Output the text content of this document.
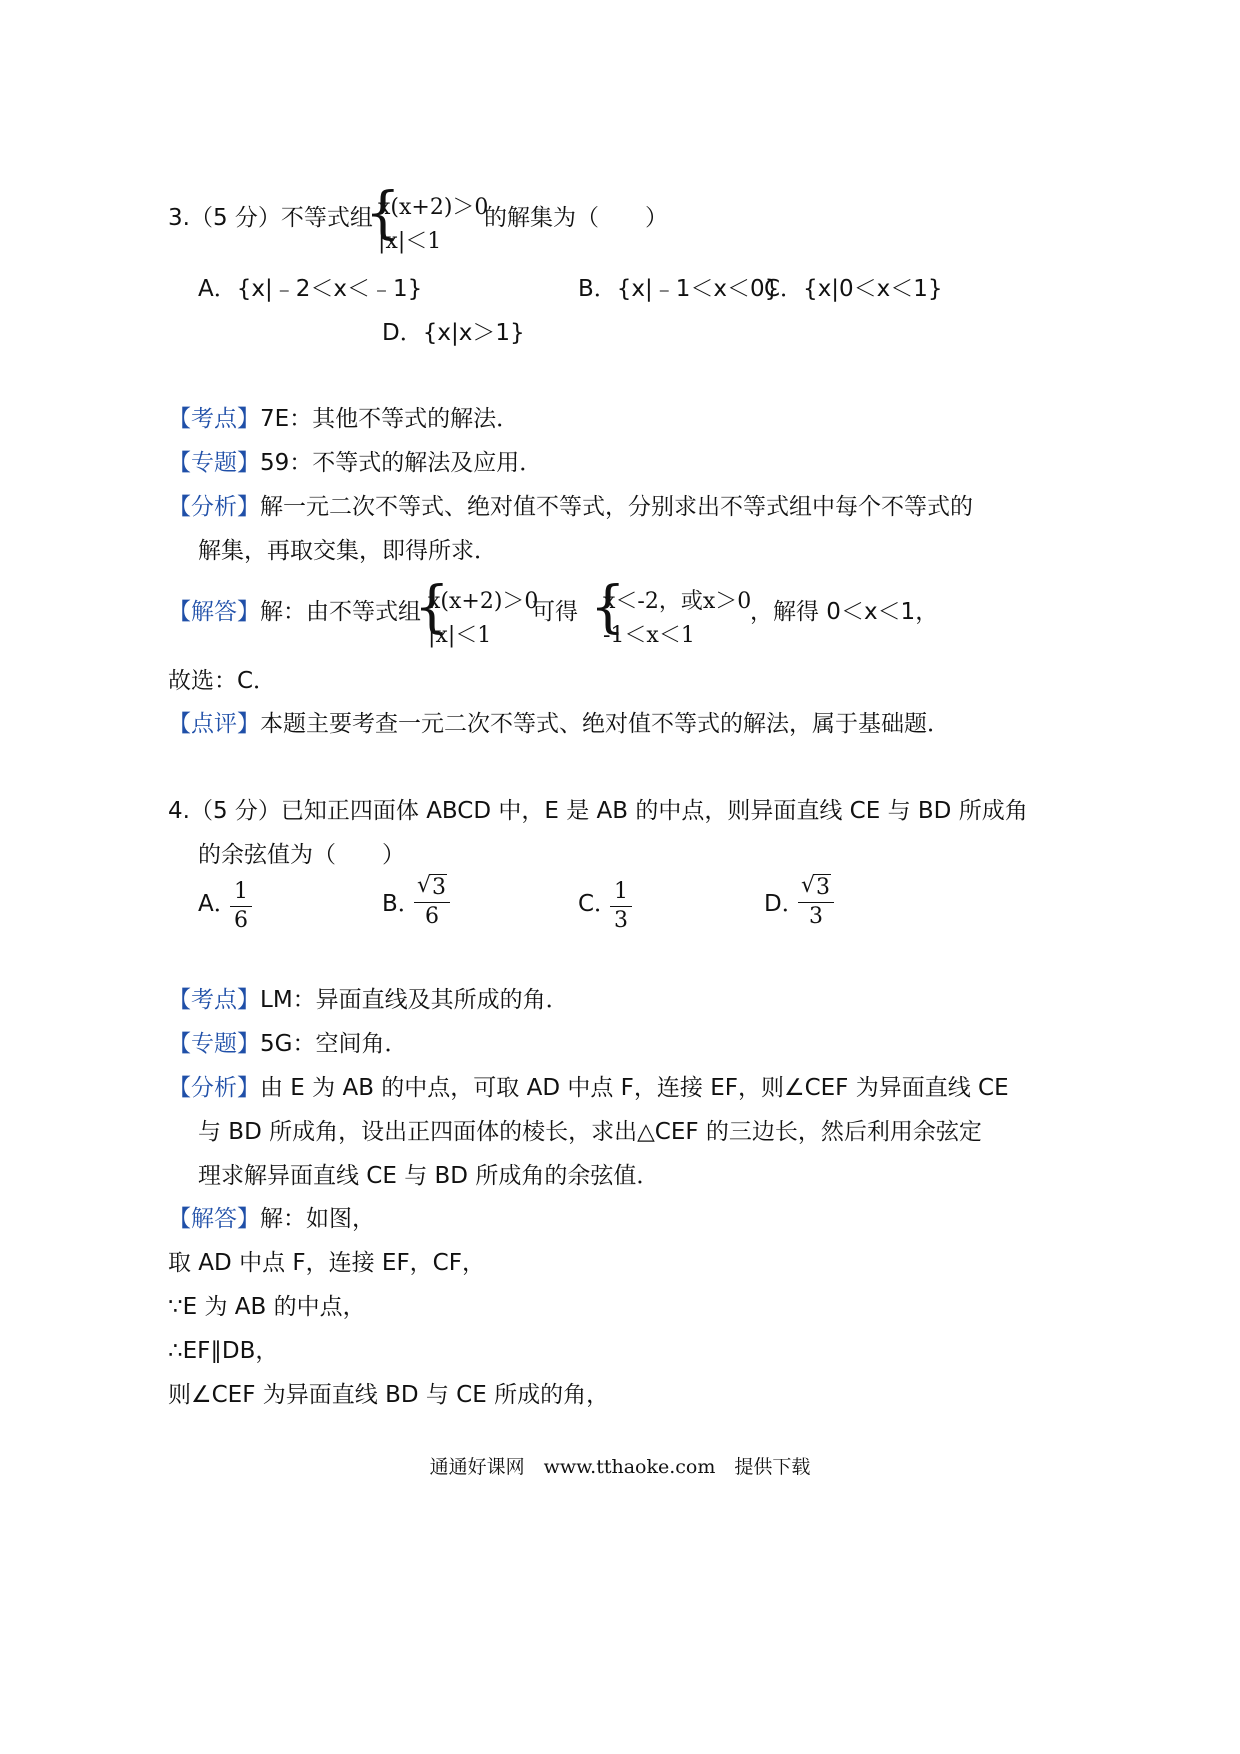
3.（5 分）不等式组
{
x(x+2)＞0
|x|＜1
的解集为（　　）
A．{x|﹣2＜x＜﹣1}	B．{x|﹣1＜x＜0}
C．{x|0＜x＜1}
D．{x|x＞1}
【考点】7E：其他不等式的解法．
【专题】59：不等式的解法及应用．
【分析】解一元二次不等式、绝对值不等式，分别求出不等式组中每个不等式的
解集，再取交集，即得所求．
【解答】解：由不等式组
{
x(x+2)＞0
|x|＜1
可得 {
x＜-2，或x＞0
-1＜x＜1
，解得 0＜x＜1，
故选：C．
【点评】本题主要考查一元二次不等式、绝对值不等式的解法，属于基础题．
4.（5 分）已知正四面体 ABCD 中，E 是 AB 的中点，则异面直线 CE 与 BD 所成角
的余弦值为（　　）
A．
1
6
B．
√ 3
6	C．
1
3
D．
√ 3
3
【考点】LM：异面直线及其所成的角．
【专题】5G：空间角．
【分析】由 E 为 AB 的中点，可取 AD 中点 F，连接 EF，则∠CEF 为异面直线 CE
与 BD 所成角，设出正四面体的棱长，求出△CEF 的三边长，然后利用余弦定
理求解异面直线 CE 与 BD 所成角的余弦值．
【解答】解：如图，
取 AD 中点 F，连接 EF，CF，
∵E 为 AB 的中点，
∴EF∥DB，
则∠CEF 为异面直线 BD 与 CE 所成的角，
通通好课网　www.tthaoke.com　提供下载
